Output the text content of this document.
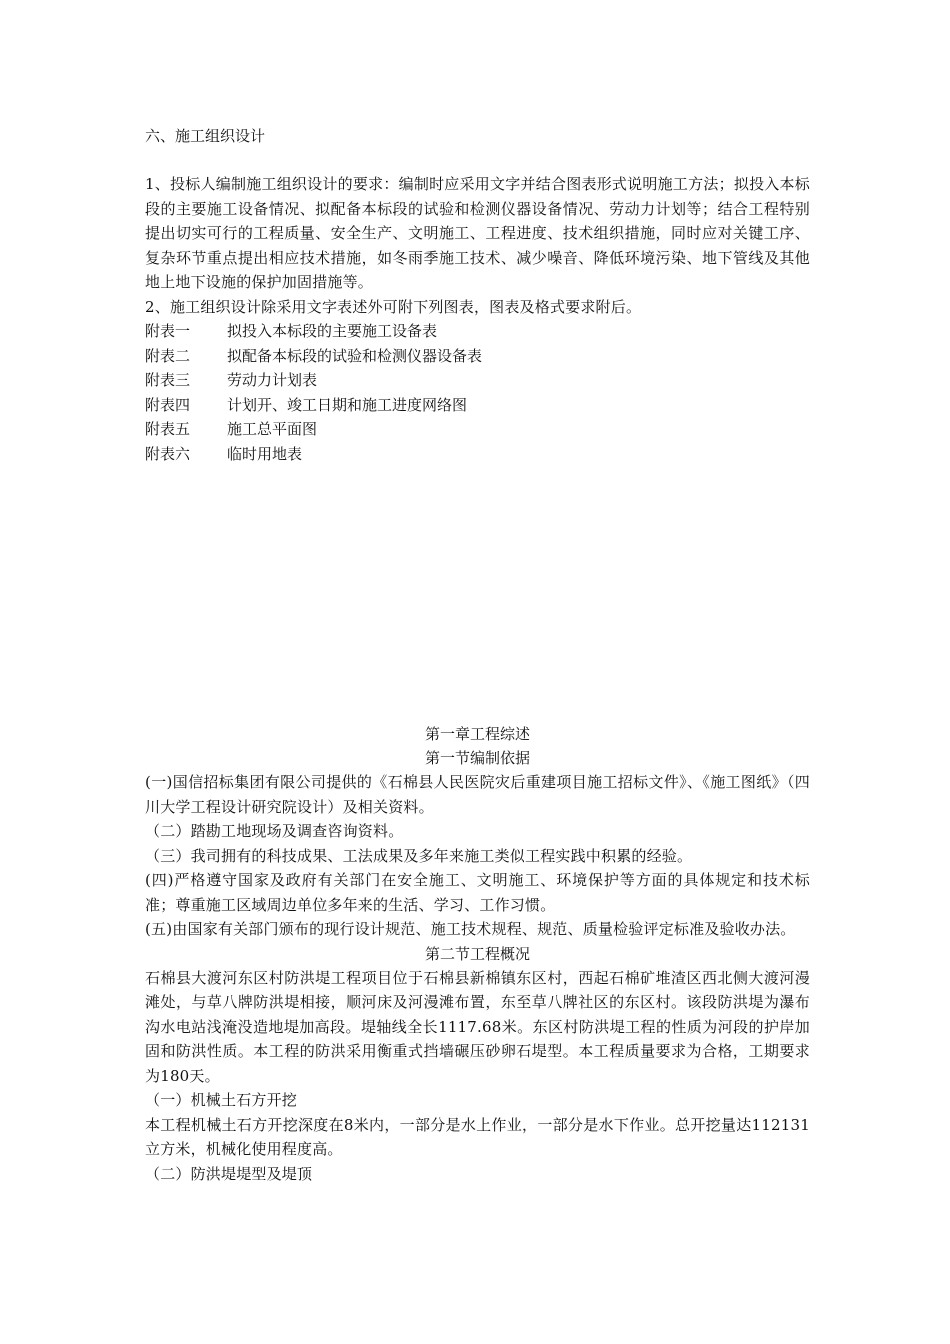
六、施工组织设计

1、投标人编制施工组织设计的要求：编制时应采用文字并结合图表形式说明施工方法；拟投入本标段的主要施工设备情况、拟配备本标段的试验和检测仪器设备情况、劳动力计划等；结合工程特别提出切实可行的工程质量、安全生产、文明施工、工程进度、技术组织措施，同时应对关键工序、复杂环节重点提出相应技术措施，如冬雨季施工技术、减少噪音、降低环境污染、地下管线及其他地上地下设施的保护加固措施等。

2、施工组织设计除采用文字表述外可附下列图表，图表及格式要求附后。

附表一	拟投入本标段的主要施工设备表
附表二	拟配备本标段的试验和检测仪器设备表
附表三	劳动力计划表
附表四	计划开、竣工日期和施工进度网络图
附表五	施工总平面图
附表六	临时用地表

第一章工程综述

第一节编制依据

(一)国信招标集团有限公司提供的《石棉县人民医院灾后重建项目施工招标文件》、《施工图纸》（四川大学工程设计研究院设计）及相关资料。

（二）踏勘工地现场及调查咨询资料。

（三）我司拥有的科技成果、工法成果及多年来施工类似工程实践中积累的经验。

(四)严格遵守国家及政府有关部门在安全施工、文明施工、环境保护等方面的具体规定和技术标准；尊重施工区域周边单位多年来的生活、学习、工作习惯。

(五)由国家有关部门颁布的现行设计规范、施工技术规程、规范、质量检验评定标准及验收办法。

第二节工程概况

石棉县大渡河东区村防洪堤工程项目位于石棉县新棉镇东区村，西起石棉矿堆渣区西北侧大渡河漫滩处，与草八牌防洪堤相接，顺河床及河漫滩布置，东至草八牌社区的东区村。该段防洪堤为瀑布沟水电站浅淹没造地堤加高段。堤轴线全长1117.68米。东区村防洪堤工程的性质为河段的护岸加固和防洪性质。本工程的防洪采用衡重式挡墙碾压砂卵石堤型。本工程质量要求为合格，工期要求为180天。

（一）机械土石方开挖

本工程机械土石方开挖深度在8米内，一部分是水上作业，一部分是水下作业。总开挖量达112131立方米，机械化使用程度高。

（二）防洪堤堤型及堤顶
